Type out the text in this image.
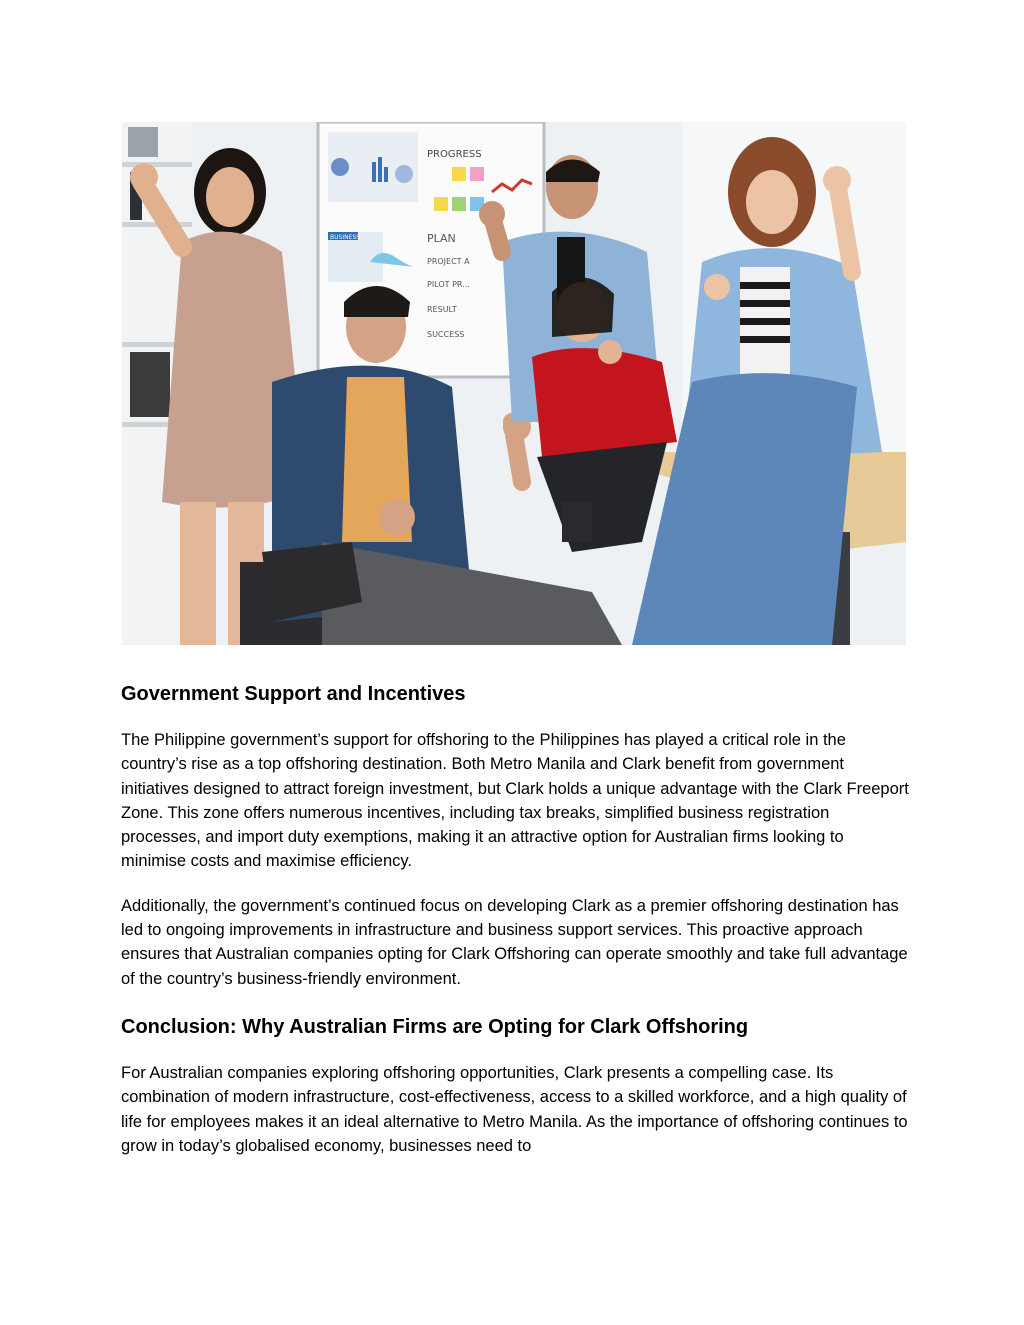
PROGRESS
BUSINESS	PLAN
PROJECT A
PILOT PR...
RESULT
SUCCESS
Government Support and Incentives

The Philippine government’s support for offshoring to the Philippines has played a critical role in the country’s rise as a top offshoring destination. Both Metro Manila and Clark benefit from government initiatives designed to attract foreign investment, but Clark holds a unique advantage with the Clark Freeport Zone. This zone offers numerous incentives, including tax breaks, simplified business registration processes, and import duty exemptions, making it an attractive option for Australian firms looking to minimise costs and maximise efficiency.

Additionally, the government’s continued focus on developing Clark as a premier offshoring destination has led to ongoing improvements in infrastructure and business support services. This proactive approach ensures that Australian companies opting for Clark Offshoring can operate smoothly and take full advantage of the country’s business-friendly environment.

Conclusion: Why Australian Firms are Opting for Clark Offshoring

For Australian companies exploring offshoring opportunities, Clark presents a compelling case. Its combination of modern infrastructure, cost-effectiveness, access to a skilled workforce, and a high quality of life for employees makes it an ideal alternative to Metro Manila. As the importance of offshoring continues to grow in today’s globalised economy, businesses need to
